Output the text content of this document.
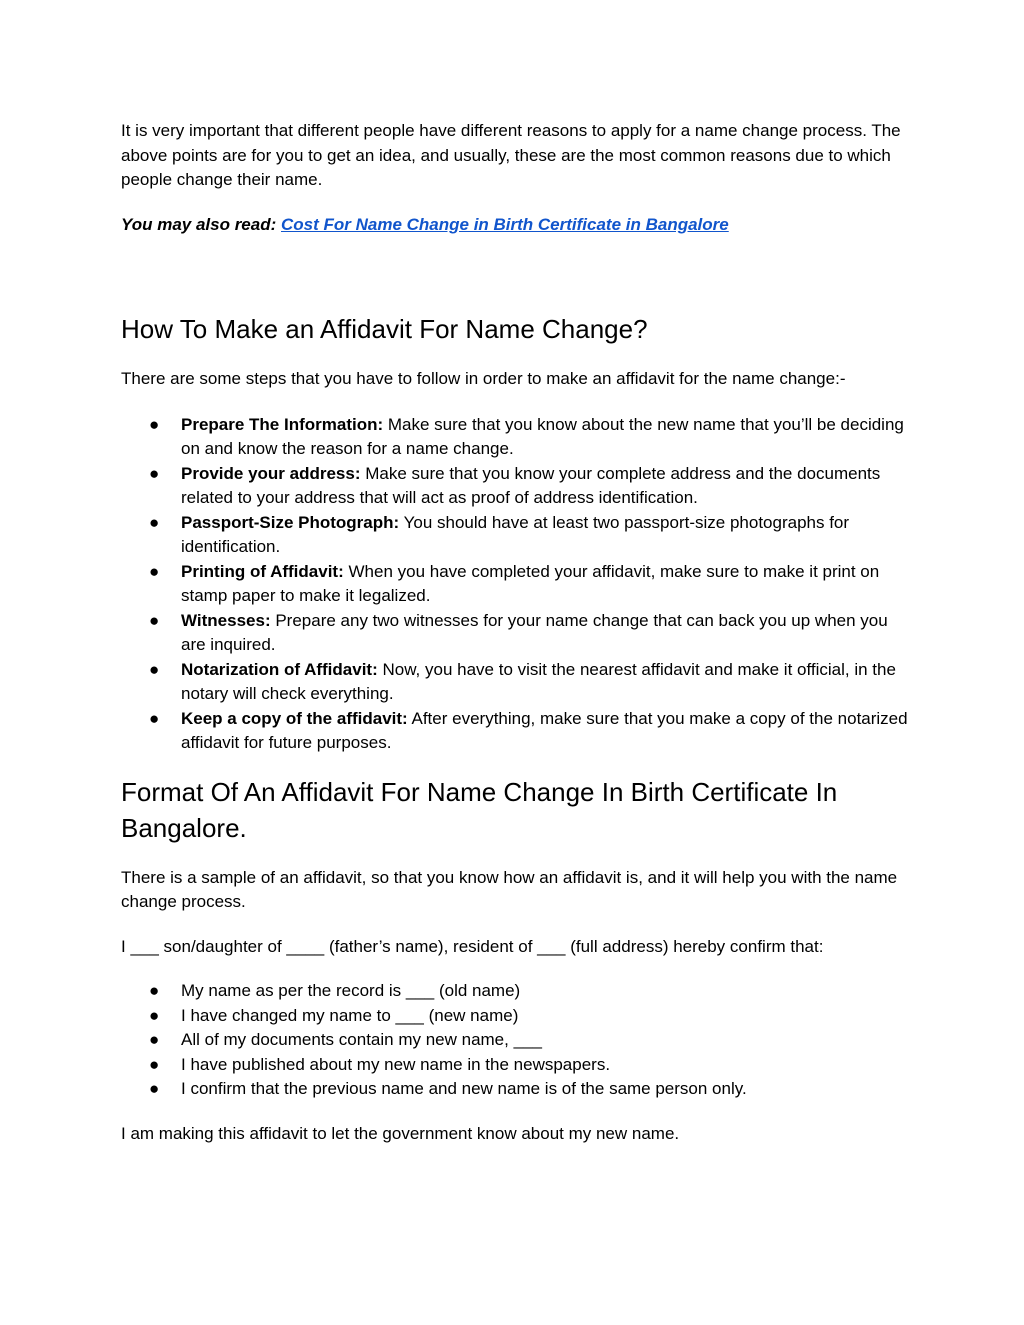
It is very important that different people have different reasons to apply for a name change process. The above points are for you to get an idea, and usually, these are the most common reasons due to which people change their name.

You may also read: Cost For Name Change in Birth Certificate in Bangalore

How To Make an Affidavit For Name Change?

There are some steps that you have to follow in order to make an affidavit for the name change:-

● Prepare The Information: Make sure that you know about the new name that you’ll be deciding on and know the reason for a name change.
● Provide your address: Make sure that you know your complete address and the documents related to your address that will act as proof of address identification.
● Passport-Size Photograph: You should have at least two passport-size photographs for identification.
● Printing of Affidavit: When you have completed your affidavit, make sure to make it print on stamp paper to make it legalized.
● Witnesses: Prepare any two witnesses for your name change that can back you up when you are inquired.
● Notarization of Affidavit: Now, you have to visit the nearest affidavit and make it official, in the notary will check everything.
● Keep a copy of the affidavit: After everything, make sure that you make a copy of the notarized affidavit for future purposes.
Format Of An Affidavit For Name Change In Birth Certificate In Bangalore.

There is a sample of an affidavit, so that you know how an affidavit is, and it will help you with the name change process.

I ___ son/daughter of ____ (father’s name), resident of ___ (full address) hereby confirm that:

● My name as per the record is ___ (old name)
● I have changed my name to ___ (new name)
● All of my documents contain my new name, ___
● I have published about my new name in the newspapers.
● I confirm that the previous name and new name is of the same person only.

I am making this affidavit to let the government know about my new name.
